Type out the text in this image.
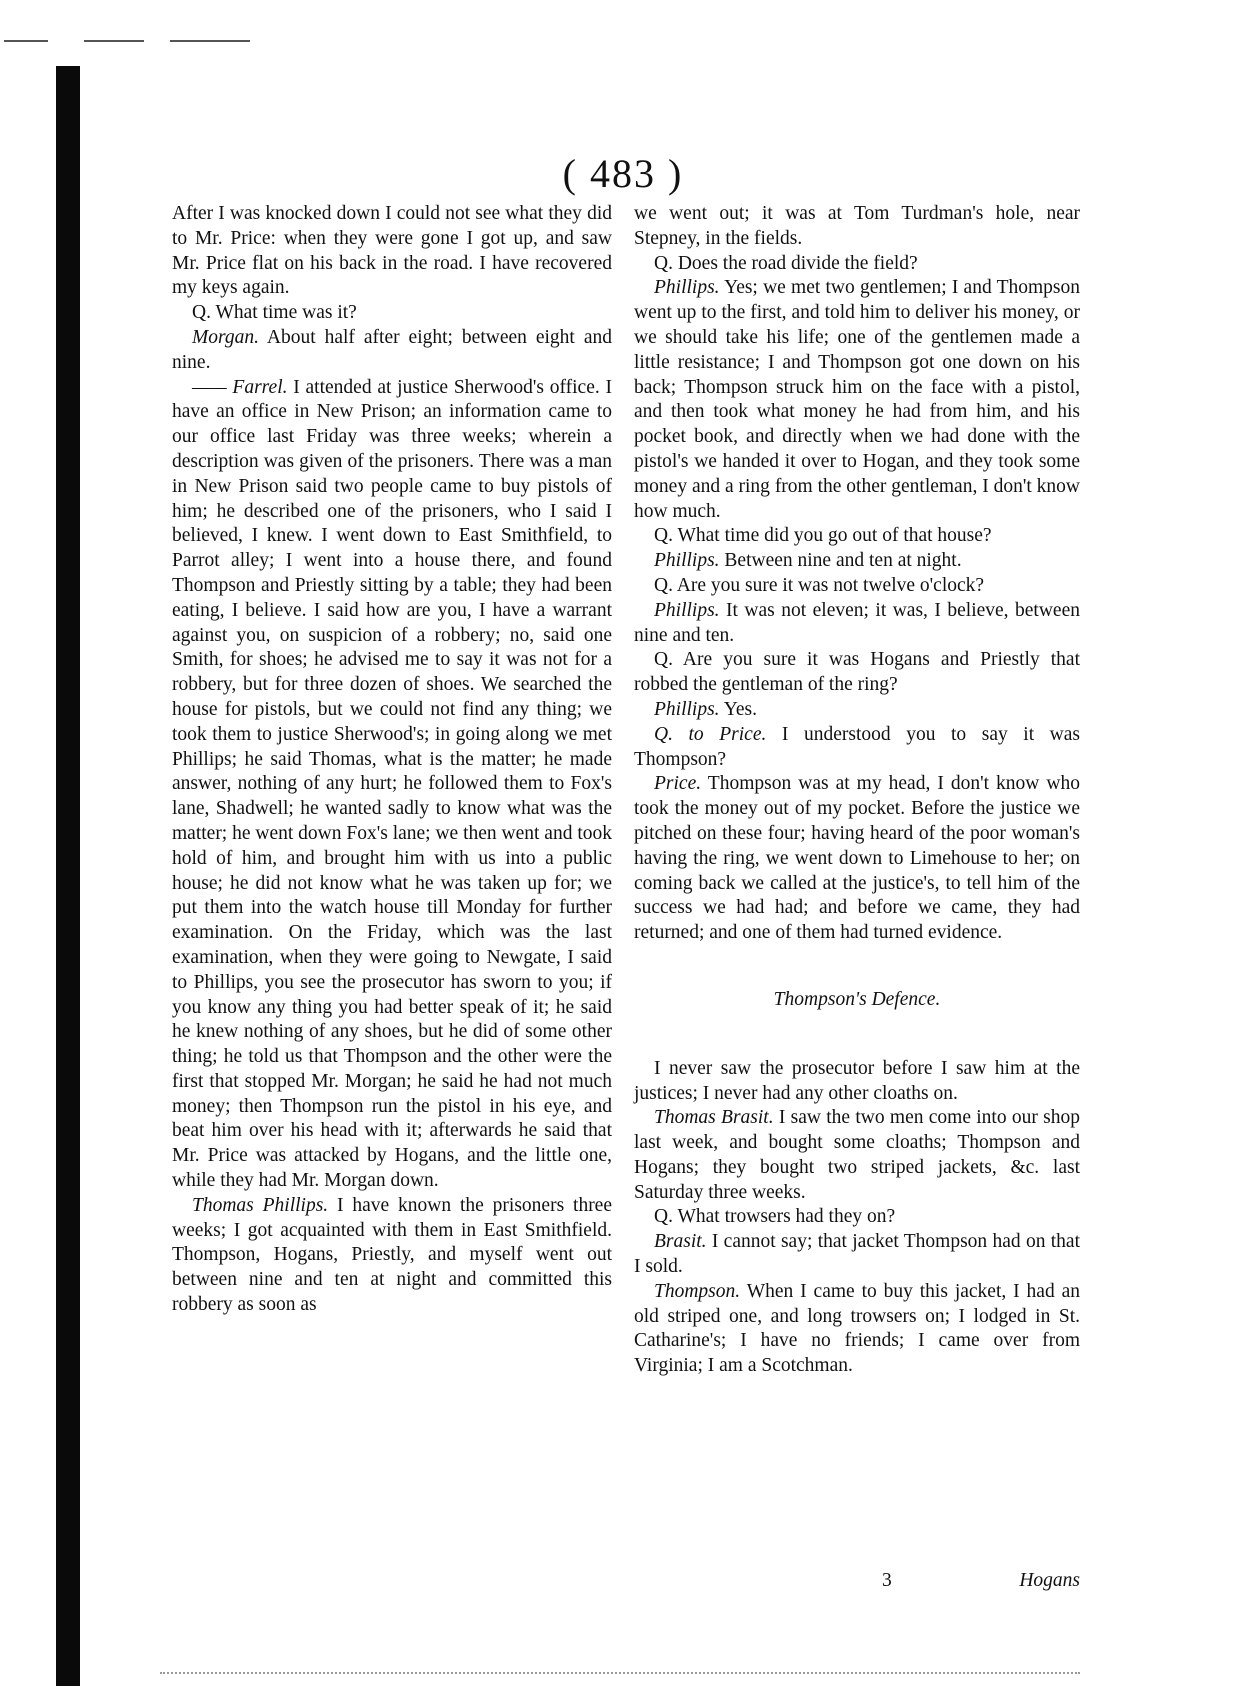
( 483 )

After I was knocked down I could not see what they did to Mr. Price: when they were gone I got up, and saw Mr. Price flat on his back in the road. I have recovered my keys again.

Q. What time was it?

Morgan. About half after eight; between eight and nine.

—— Farrel. I attended at justice Sherwood's office. I have an office in New Prison; an information came to our office last Friday was three weeks; wherein a description was given of the prisoners. There was a man in New Prison said two people came to buy pistols of him; he described one of the prisoners, who I said I believed, I knew. I went down to East Smithfield, to Parrot alley; I went into a house there, and found Thompson and Priestly sitting by a table; they had been eating, I believe. I said how are you, I have a warrant against you, on suspicion of a robbery; no, said one Smith, for shoes; he advised me to say it was not for a robbery, but for three dozen of shoes. We searched the house for pistols, but we could not find any thing; we took them to justice Sherwood's; in going along we met Phillips; he said Thomas, what is the matter; he made answer, nothing of any hurt; he followed them to Fox's lane, Shadwell; he wanted sadly to know what was the matter; he went down Fox's lane; we then went and took hold of him, and brought him with us into a public house; he did not know what he was taken up for; we put them into the watch house till Monday for further examination. On the Friday, which was the last examination, when they were going to Newgate, I said to Phillips, you see the prosecutor has sworn to you; if you know any thing you had better speak of it; he said he knew nothing of any shoes, but he did of some other thing; he told us that Thompson and the other were the first that stopped Mr. Morgan; he said he had not much money; then Thompson run the pistol in his eye, and beat him over his head with it; afterwards he said that Mr. Price was attacked by Hogans, and the little one, while they had Mr. Morgan down.

Thomas Phillips. I have known the prisoners three weeks; I got acquainted with them in East Smithfield. Thompson, Hogans, Priestly, and myself went out between nine and ten at night and committed this robbery as soon as

we went out; it was at Tom Turdman's hole, near Stepney, in the fields.

Q. Does the road divide the field?

Phillips. Yes; we met two gentlemen; I and Thompson went up to the first, and told him to deliver his money, or we should take his life; one of the gentlemen made a little resistance; I and Thompson got one down on his back; Thompson struck him on the face with a pistol, and then took what money he had from him, and his pocket book, and directly when we had done with the pistol's we handed it over to Hogan, and they took some money and a ring from the other gentleman, I don't know how much.

Q. What time did you go out of that house?

Phillips. Between nine and ten at night.

Q. Are you sure it was not twelve o'clock?

Phillips. It was not eleven; it was, I believe, between nine and ten.

Q. Are you sure it was Hogans and Priestly that robbed the gentleman of the ring?

Phillips. Yes.

Q. to Price. I understood you to say it was Thompson?

Price. Thompson was at my head, I don't know who took the money out of my pocket. Before the justice we pitched on these four; having heard of the poor woman's having the ring, we went down to Limehouse to her; on coming back we called at the justice's, to tell him of the success we had had; and before we came, they had returned; and one of them had turned evidence.

Thompson's Defence.

I never saw the prosecutor before I saw him at the justices; I never had any other cloaths on.

Thomas Brasit. I saw the two men come into our shop last week, and bought some cloaths; Thompson and Hogans; they bought two striped jackets, &c. last Saturday three weeks.

Q. What trowsers had they on?

Brasit. I cannot say; that jacket Thompson had on that I sold.

Thompson. When I came to buy this jacket, I had an old striped one, and long trowsers on; I lodged in St. Catharine's; I have no friends; I came over from Virginia; I am a Scotchman.

3	Hogans
